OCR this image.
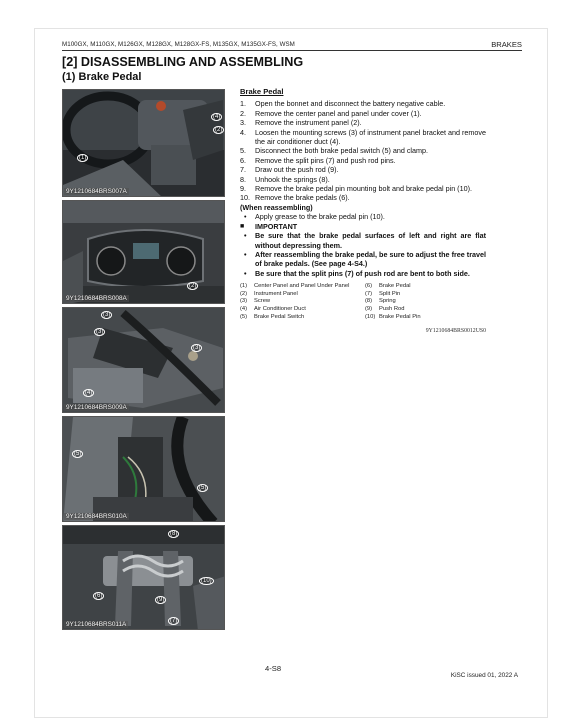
M100GX, M110GX, M126GX, M128GX, M128GX-FS, M135GX, M135GX-FS, WSM	BRAKES
[2] DISASSEMBLING AND ASSEMBLING
(1) Brake Pedal
(1)
(4)
(2)
9Y1210684BRS007A
(2)
9Y1210684BRS008A
(3)
(3)
(3)
(4)
9Y1210684BRS009A
(5)
(5)
9Y1210684BRS010A
(8)
(10)
(6)
(9)
(7)
9Y1210684BRS011A
Brake Pedal
1.	Open the bonnet and disconnect the battery negative cable.
2.	Remove the center panel and panel under cover (1).
3.	Remove the instrument panel (2).
4.	Loosen the mounting screws (3) of instrument panel bracket and remove the air conditioner duct (4).
5.	Disconnect the both brake pedal switch (5) and clamp.
6.	Remove the split pins (7) and push rod pins.
7.	Draw out the push rod (9).
8.	Unhook the springs (8).
9.	Remove the brake pedal pin mounting bolt and brake pedal pin (10).
10. Remove the brake pedals (6).
(When reassembling)
•	Apply grease to the brake pedal pin (10).
■	IMPORTANT
•	Be sure that the brake pedal surfaces of left and right are flat without depressing them.
•	After reassembling the brake pedal, be sure to adjust the free travel of brake pedals. (See page 4-S4.)
•	Be sure that the split pins (7) of push rod are bent to both side.
(1)	Center Panel and Panel Under Panel	(6)	Brake Pedal
(2)	Instrument Panel	(7)	Split Pin
(3)	Screw	(8)	Spring
(4)	Air Conditioner Duct	(9)	Push Rod
(5)	Brake Pedal Switch	(10) Brake Pedal Pin
9Y1210684BRS0012US0
4-S8
KiSC issued 01, 2022 A
